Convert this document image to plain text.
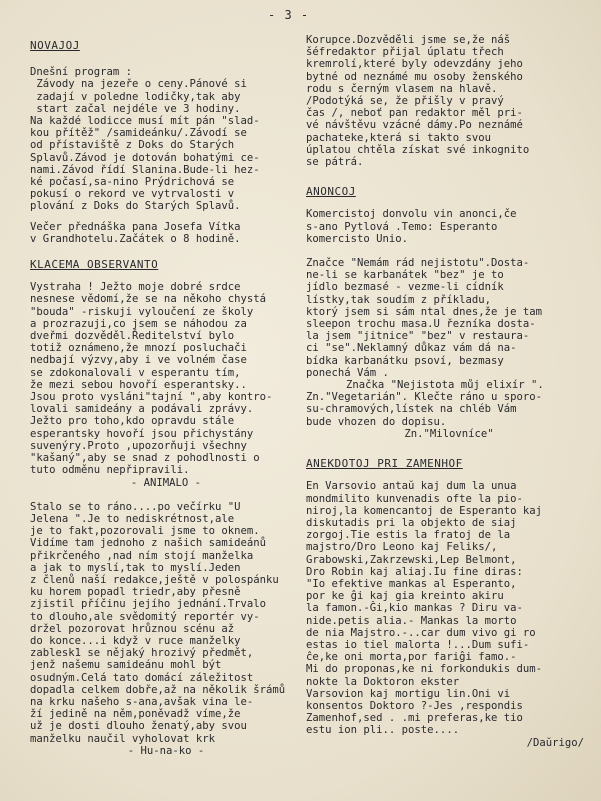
- 3 -
NOVAJOJ

Dnešní program :
Závody na jezeře o ceny.Pánové si
zadají v poledne lodičky,tak aby
start začal nejdéle ve 3 hodiny.
Na každé lodicce musí mít pán "slad-
kou přítěž" /samideánku/.Závodí se
od přístaviště z Doks do Starých
Splavů.Závod je dotován bohatými ce-
nami.Závod řídí Slanina.Bude-li hez-
ké počasí,sa-nino Prýdrichová se
pokusí o rekord ve vytrvalosti v
plování z Doks do Starých Splavů.

Večer přednáška pana Josefa Vítka
v Grandhotelu.Začátek o 8 hodině.

KLAČEMA OBSERVANTO

Vystraha ! Ježto moje dobré srdce
nesnese vědomí,že se na někoho chystá
"bouda" -riskuji vyloučení ze školy
a prozrazuji,co jsem se náhodou za
dveřmi dozvěděl.Ředitelství bylo
totiž oznámeno,že mnozí posluchači
nedbají výzvy,aby i ve volném čase
se zdokonalovali v esperantu tím,
že mezi sebou hovoří esperantsky..
Jsou proto vysláni"tajní ",aby kontro-
lovali samideány a podávali zprávy.
Ježto pro toho,kdo opravdu stále
esperantsky hovoří jsou přichystány
suvenýry.Proto ,upozorňuji všechny
"kašaný",aby se snad z pohodlnosti o
tuto odměnu nepřipravili.

- ANIMALO -

Stalo se to ráno....po večírku "U
Jelena ".Je to nediskrétnost,ale
je to fakt,pozorovali jsme to oknem.
Vidíme tam jednoho z našich samideánů
přikrčeného ,nad ním stojí manželka
a jak to myslí,tak to myslí.Jeden
z členů naší redakce,ještě v polospánku
ku horem popadl triedr,aby přesně
zjistil příčinu jejího jednání.Trvalo
to dlouho,ale svědomitý reportér vy-
držel pozorovat hrůznou scénu až
do konce...i když v ruce manželky
zablesk1 se nějaký hrozivý předmět,
jenž našemu samideánu mohl být
osudným.Celá tato domácí záležitost
dopadla celkem dobře,až na několik šrámů
na krku našeho s-ana,avšak vina le-
ží jedině na něm,poněvadž víme,že
už je dosti dlouho ženatý,aby svou
manželku naučil vyholovat krk

- Hu-na-ko -

Korupce.Dozvěděli jsme se,že náš
šéfredaktor přijal úplatu třech
kremrolí,které byly odevzdány jeho
bytné od neznámé mu osoby ženského
rodu s černým vlasem na hlavě.
/Podotýká se, že přišly v pravý
čas /, neboť pan redaktor měl pri-
vé návštěvu vzácné dámy.Po neznámé
pachateke,která si takto svou
úplatou chtěla získat své inkognito
se pátrá.

ANONCOJ

Komercistoj donvolu vin anonci,če
s-ano Pytlová .Temo: Esperanto
komercisto Unio.

Značce "Nemám rád nejistotu".Dosta-
ne-li se karbanátek "bez" je to
jídlo bezmasé - vezme-li cídník
lístky,tak soudím z příkladu,
ktorý jsem si sám ntal dnes,že je tam
sleepon trochu masa.U řezníka dosta-
la jsem "jitnice" "bez" v restaura-
ci "se".Neklamný důkaz vám dá na-
bídka karbanátku psoví, bezmasy
ponechá Vám .

Značka "Nejistota můj elixír ".

Zn."Vegetarián". Klečte ráno u sporo-
su-chramových,lístek na chléb Vám
bude vhozen do dopisu.

Zn."Milovníce"
ANEKDOTOJ PRI ZAMENHOF

En Varsovio antaŭ kaj dum la unua
mondmilito kunvenadis ofte la pio-
niroj,la komencantoj de Esperanto kaj
diskutadis pri la objekto de siaj
zorgoj.Tie estis la fratoj de la
majstro/Dro Leono kaj Feliks/,
Grabowski,Zakrzewski,Lep Belmont,
Dro Robin kaj aliaj.Iu fine diras:
"Io efektive mankas al Esperanto,
por ke ĝi kaj gia kreinto akiru
la famon.-Ĝi,kio mankas ? Diru va-
nide.petis alia.- Mankas la morto
de nia Majstro.-..car dum vivo gi ro
estas io tiel malorta !...Dum sufi-
ĉe,ke oni morta,por fariĝi famo.-
Mi do proponas,ke ni forkondukis dum-
nokte la Doktoron ekster
Varsovion kaj mortigu lin.Oni vi
konsentos Doktoro ?-Jes ,respondis
Zamenhof,sed . .mi preferas,ke tio
estu ion pli.. poste....

/Daŭrigo/
